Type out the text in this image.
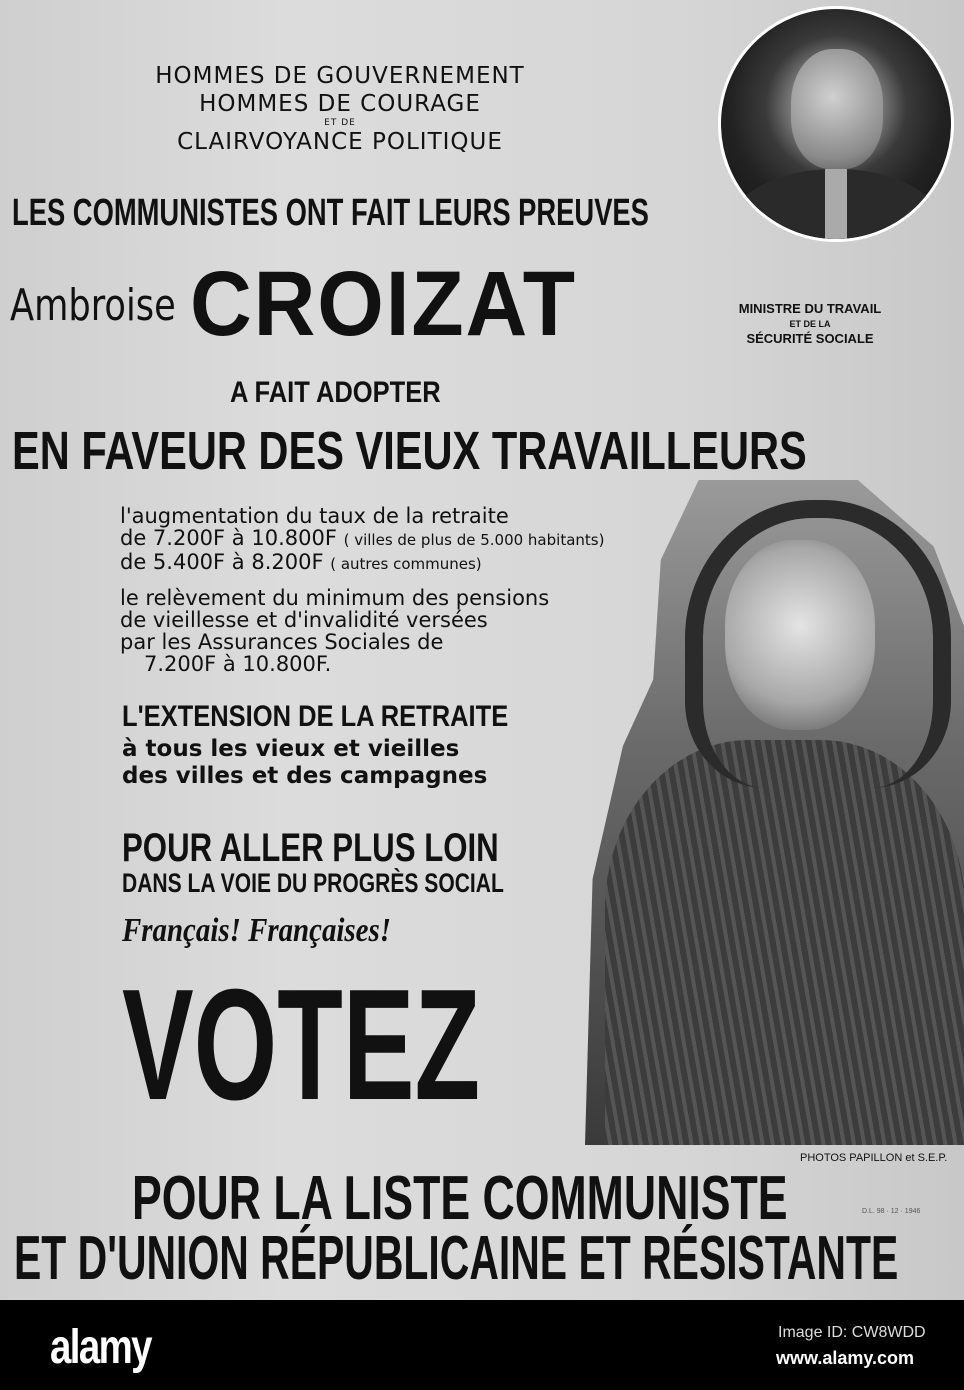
HOMMES DE GOUVERNEMENT
HOMMES DE COURAGE
ET DE
CLAIRVOYANCE POLITIQUE
LES COMMUNISTES ONT FAIT LEURS PREUVES
Ambroise CROIZAT	MINISTRE DU TRAVAIL
ET DE LA
SÉCURITÉ SOCIALE
A FAIT ADOPTER
EN FAVEUR DES VIEUX TRAVAILLEURS
l'augmentation du taux de la retraite
de 7.200F à 10.800F ( villes de plus de 5.000 habitants)
de 5.400F à 8.200F ( autres communes)
le relèvement du minimum des pensions
de vieillesse et d'invalidité versées
par les Assurances Sociales de
7.200F à 10.800F.
L'EXTENSION DE LA RETRAITE
à tous les vieux et vieilles
des villes et des campagnes
POUR ALLER PLUS LOIN
DANS LA VOIE DU PROGRÈS SOCIAL
Français! Françaises!
VOTEZ
PHOTOS PAPILLON et S.E.P.
POUR LA LISTE COMMUNISTE	D.L. 98 · 12 · 1946
ET D'UNION RÉPUBLICAINE ET RÉSISTANTE
alamy	Image ID: CW8WDD
www.alamy.com
